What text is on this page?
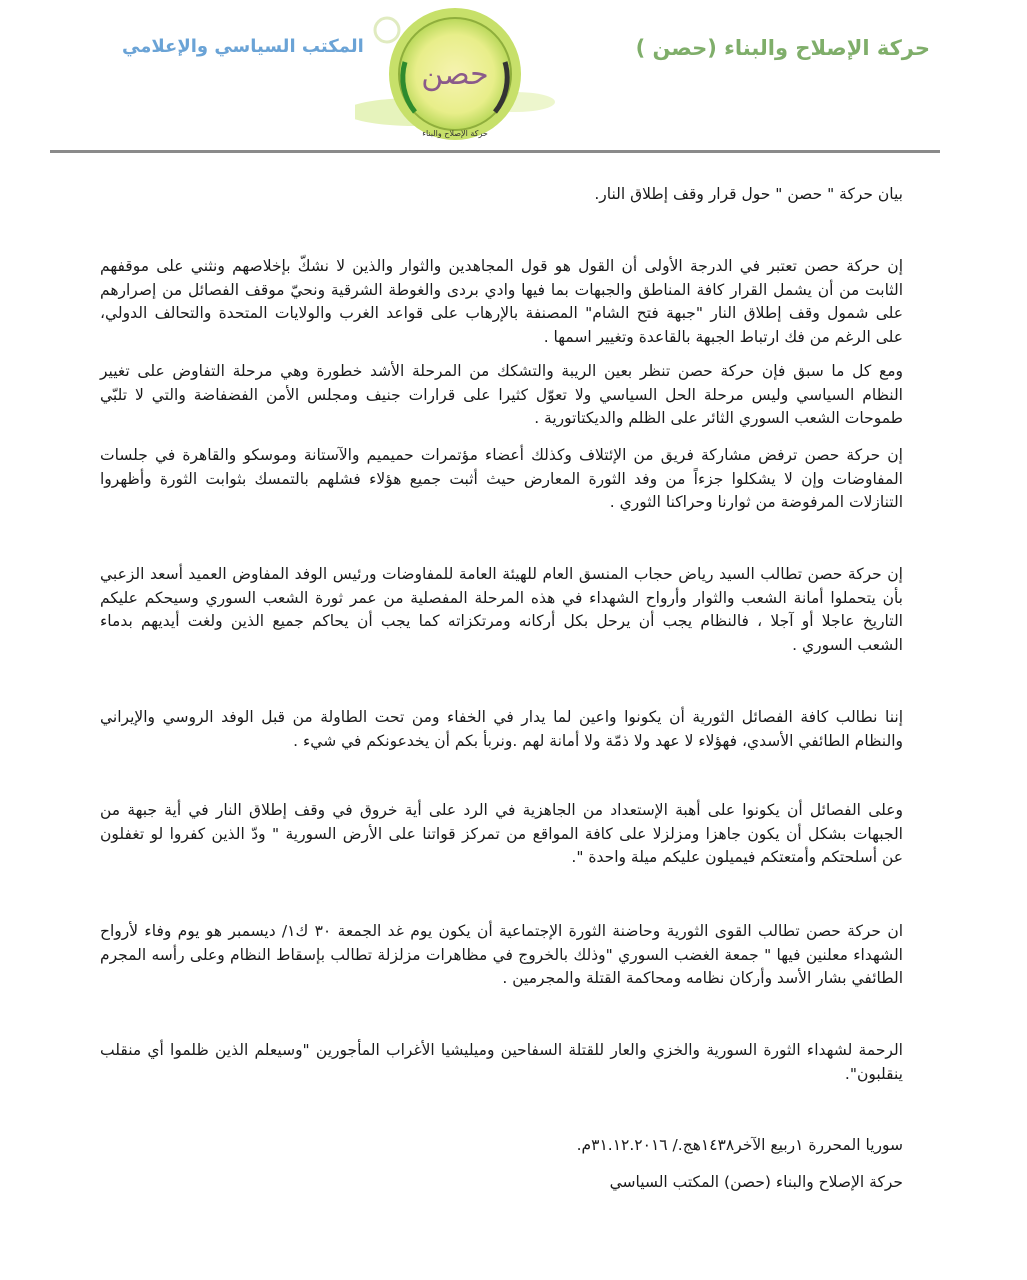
حركة الإصلاح والبناء (حصن )
المكتب السياسي والإعلامي
حصن
حركة الإصلاح والبناء
بيان حركة " حصن " حول قرار وقف إطلاق النار.
إن حركة حصن تعتبر في الدرجة الأولى أن القول هو قول المجاهدين والثوار والذين لا نشكّ بإخلاصهم ونثني على موقفهم
الثابت من أن يشمل القرار كافة المناطق والجبهات بما فيها وادي بردى والغوطة الشرقية ونحيّ موقف الفصائل من إصرارهم
على شمول وقف إطلاق النار "جبهة فتح الشام" المصنفة بالإرهاب على قواعد الغرب والولايات المتحدة والتحالف الدولي،
على الرغم من فك ارتباط الجبهة بالقاعدة وتغيير اسمها .
ومع كل ما سبق فإن حركة حصن تنظر بعين الريبة والتشكك من المرحلة الأشد خطورة وهي مرحلة التفاوض على تغيير
النظام السياسي وليس مرحلة الحل السياسي ولا تعوّل كثيرا على قرارات جنيف ومجلس الأمن الفضفاضة والتي لا تلبّي
طموحات الشعب السوري الثائر على الظلم والديكتاتورية .
إن حركة حصن ترفض مشاركة فريق من الإئتلاف وكذلك أعضاء مؤتمرات حميميم والآستانة وموسكو والقاهرة في جلسات
المفاوضات وإن لا يشكلوا جزءاً من وفد الثورة المعارض حيث أثبت جميع هؤلاء فشلهم بالتمسك بثوابت الثورة وأظهروا
التنازلات المرفوضة من ثوارنا وحراكنا الثوري .
إن حركة حصن تطالب السيد رياض حجاب المنسق العام للهيئة العامة للمفاوضات ورئيس الوفد المفاوض العميد أسعد الزعبي
بأن يتحملوا أمانة الشعب والثوار وأرواح الشهداء في هذه المرحلة المفصلية من عمر ثورة الشعب السوري وسيحكم عليكم
التاريخ عاجلا أو آجلا ، فالنظام يجب أن يرحل بكل أركانه ومرتكزاته كما يجب أن يحاكم جميع الذين ولغت أيديهم بدماء
الشعب السوري .
إننا نطالب كافة الفصائل الثورية أن يكونوا واعين لما يدار في الخفاء ومن تحت الطاولة من قبل الوفد الروسي والإيراني
والنظام الطائفي الأسدي، فهؤلاء لا عهد ولا ذمّة ولا أمانة لهم .ونربأ بكم أن يخدعونكم في شيء .
وعلى الفصائل أن يكونوا على أهبة الإستعداد من الجاهزية في الرد على أية خروق في وقف إطلاق النار في أية جبهة من
الجبهات بشكل أن يكون جاهزا ومزلزلا على كافة المواقع من تمركز قواتنا على الأرض السورية " ودّ الذين كفروا لو تغفلون
عن أسلحتكم وأمتعتكم فيميلون عليكم ميلة واحدة ".
ان حركة حصن تطالب القوى الثورية وحاضنة الثورة الإجتماعية أن يكون يوم غد الجمعة ٣٠ ك١/ ديسمبر هو يوم وفاء لأرواح
الشهداء معلنين فيها " جمعة الغضب السوري "وذلك بالخروج في مظاهرات مزلزلة تطالب بإسقاط النظام وعلى رأسه المجرم
الطائفي بشار الأسد وأركان نظامه ومحاكمة القتلة والمجرمين .
الرحمة لشهداء الثورة السورية والخزي والعار للقتلة السفاحين وميليشيا الأغراب المأجورين "وسيعلم الذين ظلموا أي منقلب
ينقلبون".
سوريا المحررة ١ربيع الآخر١٤٣٨هج./ ٣١.١٢.٢٠١٦م.
حركة الإصلاح والبناء (حصن) المكتب السياسي
